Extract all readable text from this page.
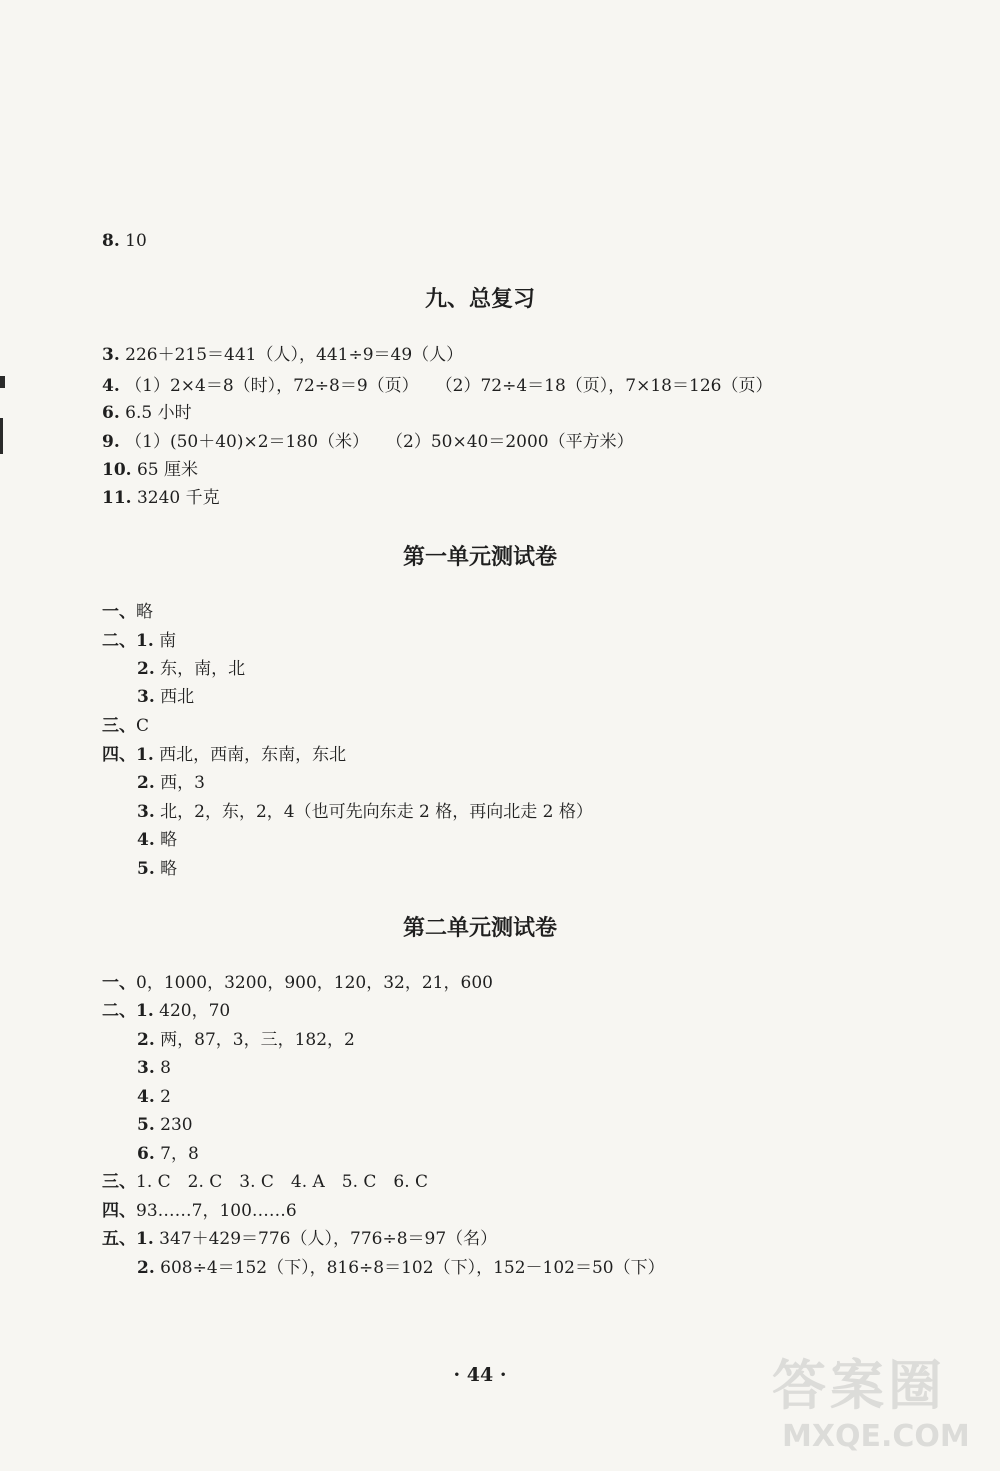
8. 10
九、总复习
3. 226＋215＝441（人），441÷9＝49（人）
4. （1）2×4＝8（时），72÷8＝9（页）　　（2）72÷4＝18（页），7×18＝126（页）
6. 6.5 小时
9. （1）(50＋40)×2＝180（米）　　（2）50×40＝2000（平方米）
10. 65 厘米
11. 3240 千克
第一单元测试卷
一、略
二、1. 南
2. 东，南，北
3. 西北
三、C
四、1. 西北，西南，东南，东北
2. 西，3
3. 北，2，东，2，4（也可先向东走 2 格，再向北走 2 格）
4. 略
5. 略
第二单元测试卷
一、0，1000，3200，900，120，32，21，600
二、1. 420，70
2. 两，87，3，三，182，2
3. 8
4. 2
5. 230
6. 7，8
三、1. C　2. C　3. C　4. A　5. C　6. C
四、93……7，100……6
五、1. 347＋429＝776（人），776÷8＝97（名）
2. 608÷4＝152（下），816÷8＝102（下），152－102＝50（下）
· 44 ·	答案圈
MXQE.COM
